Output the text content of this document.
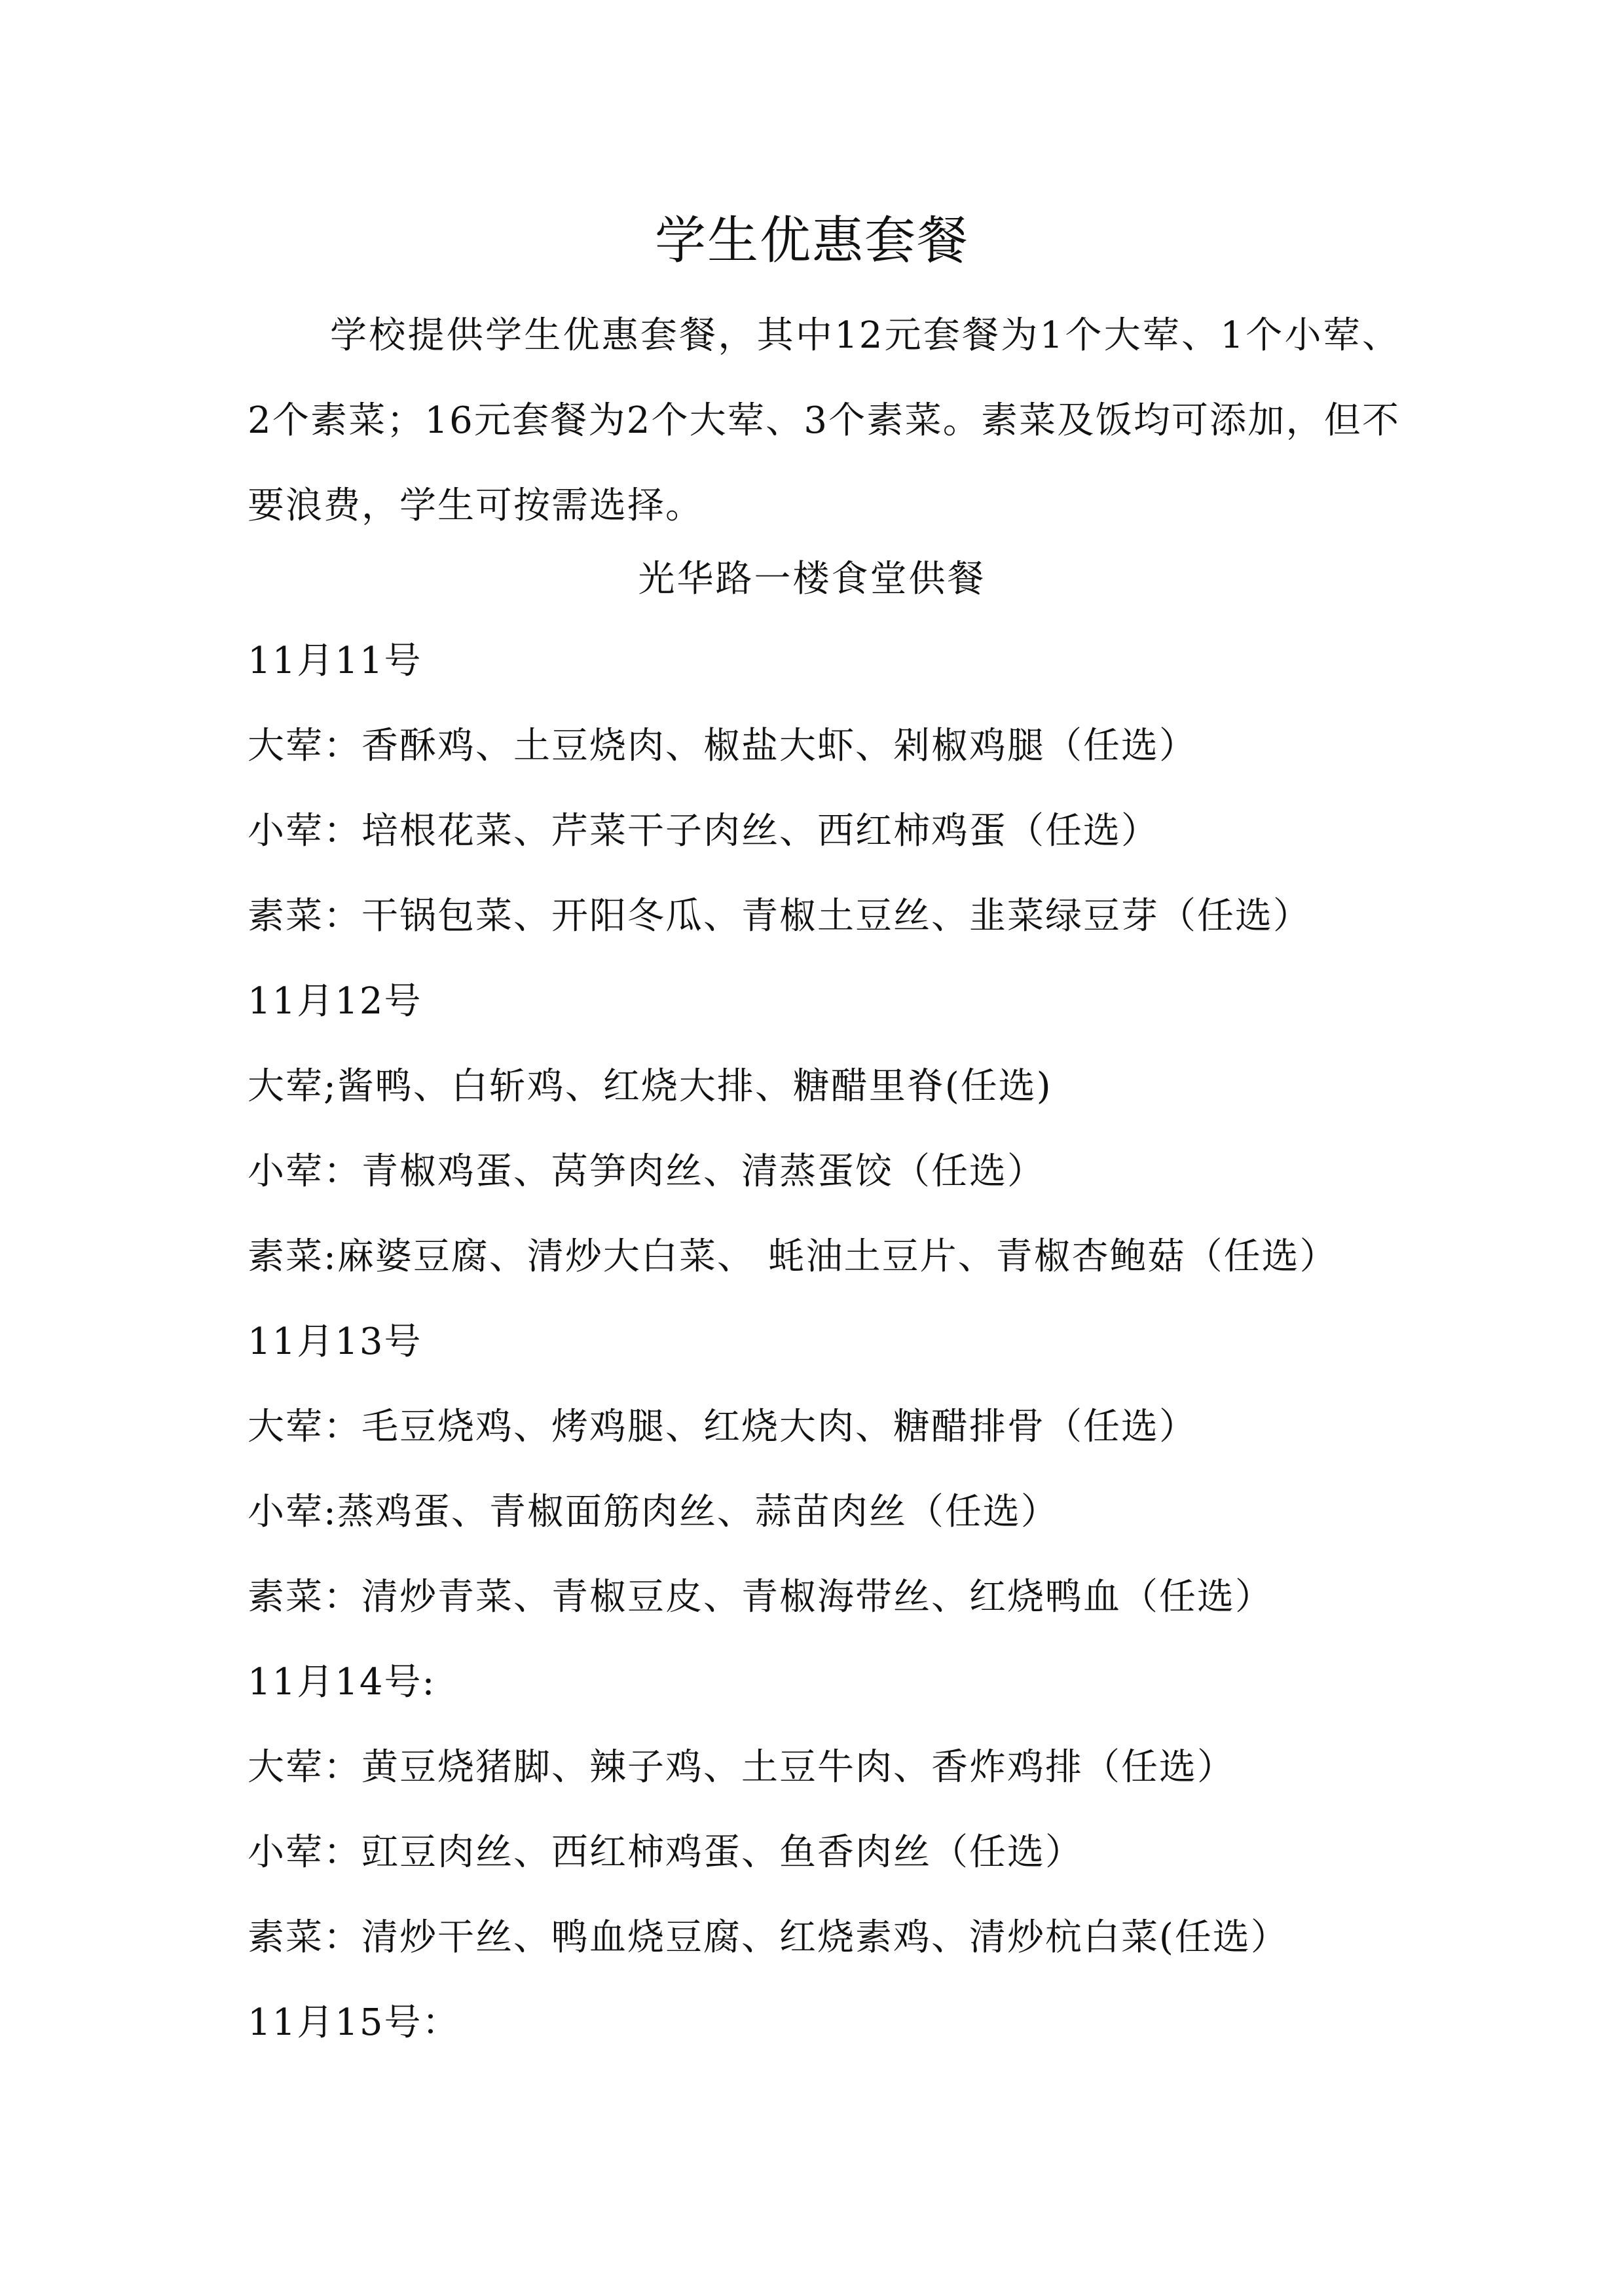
学生优惠套餐
学校提供学生优惠套餐，其中12元套餐为1个大荤、1个小荤、2个素菜；16元套餐为2个大荤、3个素菜。素菜及饭均可添加，但不要浪费，学生可按需选择。
光华路一楼食堂供餐
11月11号
大荤：香酥鸡、土豆烧肉、椒盐大虾、剁椒鸡腿（任选）
小荤：培根花菜、芹菜干子肉丝、西红柿鸡蛋（任选）
素菜：干锅包菜、开阳冬瓜、青椒土豆丝、韭菜绿豆芽（任选）
11月12号
大荤;酱鸭、白斩鸡、红烧大排、糖醋里脊(任选)
小荤：青椒鸡蛋、莴笋肉丝、清蒸蛋饺（任选）
素菜:麻婆豆腐、清炒大白菜、 蚝油土豆片、青椒杏鲍菇（任选）
11月13号
大荤：毛豆烧鸡、烤鸡腿、红烧大肉、糖醋排骨（任选）
小荤:蒸鸡蛋、青椒面筋肉丝、蒜苗肉丝（任选）
素菜：清炒青菜、青椒豆皮、青椒海带丝、红烧鸭血（任选）
11月14号:
大荤：黄豆烧猪脚、辣子鸡、土豆牛肉、香炸鸡排（任选）
小荤：豇豆肉丝、西红柿鸡蛋、鱼香肉丝（任选）
素菜：清炒干丝、鸭血烧豆腐、红烧素鸡、清炒杭白菜(任选）
11月15号：
